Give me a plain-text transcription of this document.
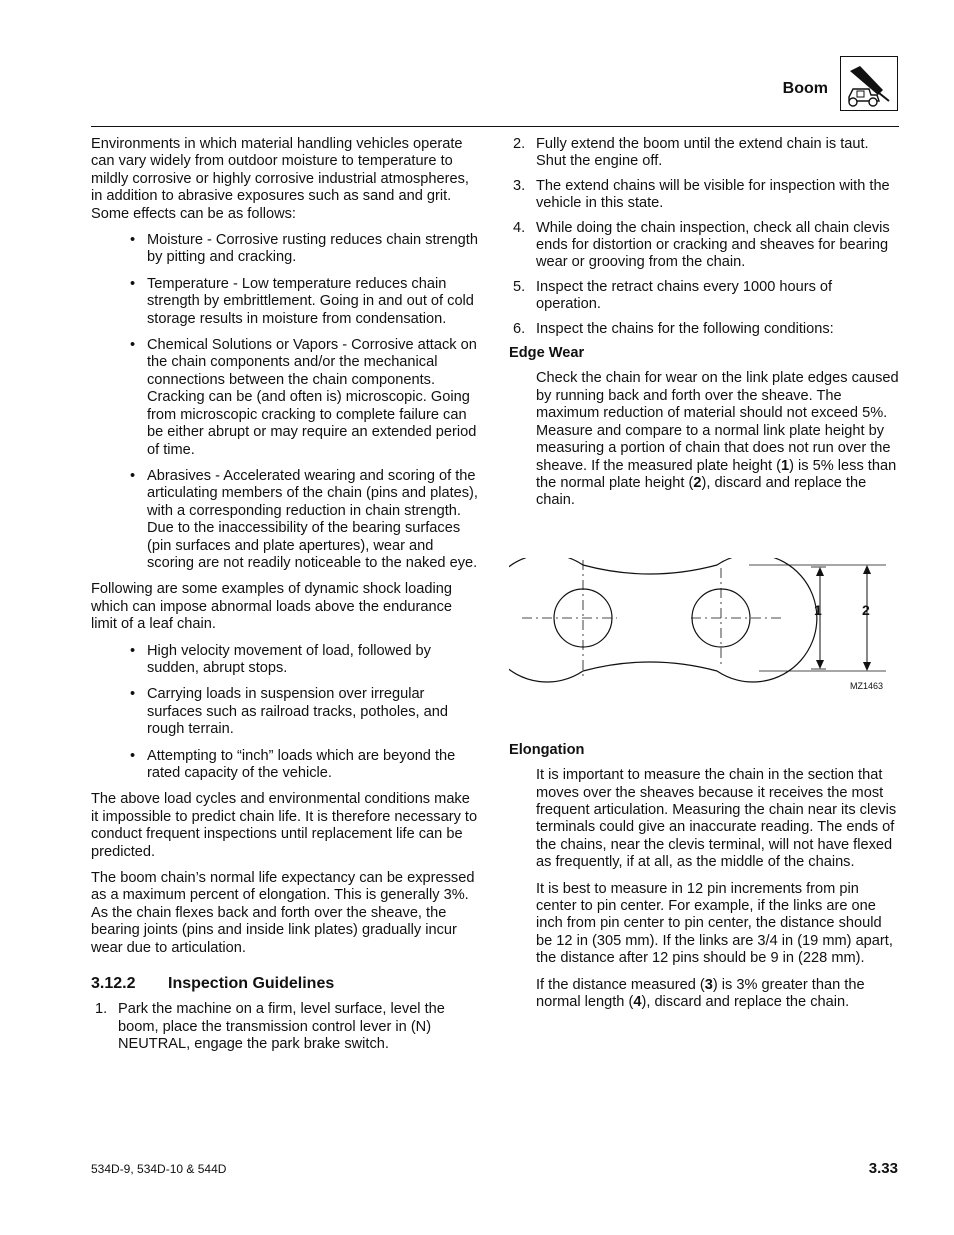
Boom

Environments in which material handling vehicles operate can vary widely from outdoor moisture to temperature to mildly corrosive or highly corrosive industrial atmospheres, in addition to abrasive exposures such as sand and grit. Some effects can be as follows:

• Moisture - Corrosive rusting reduces chain strength by pitting and cracking.
• Temperature - Low temperature reduces chain strength by embrittlement. Going in and out of cold storage results in moisture from condensation.
• Chemical Solutions or Vapors - Corrosive attack on the chain components and/or the mechanical connections between the chain components. Cracking can be (and often is) microscopic. Going from microscopic cracking to complete failure can be either abrupt or may require an extended period of time.
• Abrasives - Accelerated wearing and scoring of the articulating members of the chain (pins and plates), with a corresponding reduction in chain strength. Due to the inaccessibility of the bearing surfaces (pin surfaces and plate apertures), wear and scoring are not readily noticeable to the naked eye.

Following are some examples of dynamic shock loading which can impose abnormal loads above the endurance limit of a leaf chain.

• High velocity movement of load, followed by sudden, abrupt stops.
• Carrying loads in suspension over irregular surfaces such as railroad tracks, potholes, and rough terrain.
• Attempting to “inch” loads which are beyond the rated capacity of the vehicle.

The above load cycles and environmental conditions make it impossible to predict chain life. It is therefore necessary to conduct frequent inspections until replacement life can be predicted.

The boom chain’s normal life expectancy can be expressed as a maximum percent of elongation. This is generally 3%. As the chain flexes back and forth over the sheave, the bearing joints (pins and inside link plates) gradually incur wear due to articulation.

3.12.2 Inspection Guidelines
1. Park the machine on a firm, level surface, level the boom, place the transmission control lever in (N) NEUTRAL, engage the park brake switch.
2. Fully extend the boom until the extend chain is taut. Shut the engine off.
3. The extend chains will be visible for inspection with the vehicle in this state.
4. While doing the chain inspection, check all chain clevis ends for distortion or cracking and sheaves for bearing wear or grooving from the chain.
5. Inspect the retract chains every 1000 hours of operation.
6. Inspect the chains for the following conditions:
Edge Wear

Check the chain for wear on the link plate edges caused by running back and forth over the sheave. The maximum reduction of material should not exceed 5%. Measure and compare to a normal link plate height by measuring a portion of chain that does not run over the sheave. If the measured plate height (1) is 5% less than the normal plate height (2), discard and replace the chain.

1	2
MZ1463
Elongation

It is important to measure the chain in the section that moves over the sheaves because it receives the most frequent articulation. Measuring the chain near its clevis terminals could give an inaccurate reading. The ends of the chains, near the clevis terminal, will not have flexed as frequently, if at all, as the middle of the chains.

It is best to measure in 12 pin increments from pin center to pin center. For example, if the links are one inch from pin center to pin center, the distance should be 12 in (305 mm). If the links are 3/4 in (19 mm) apart, the distance after 12 pins should be 9 in (228 mm).

If the distance measured (3) is 3% greater than the normal length (4), discard and replace the chain.

534D-9, 534D-10 & 544D	3.33
